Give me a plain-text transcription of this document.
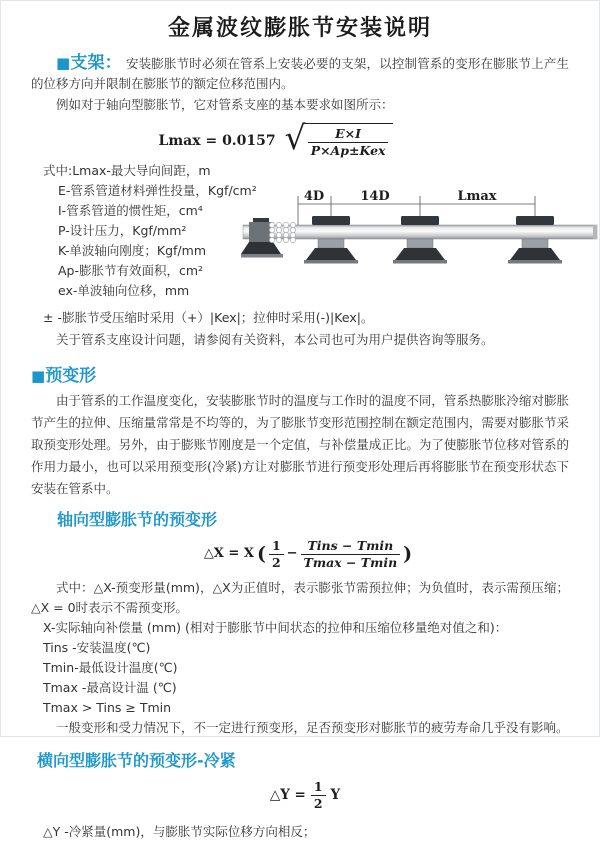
金属波纹膨胀节安装说明

■支架： 安装膨胀节时必须在管系上安装必要的支架，以控制管系的变形在膨胀节上产生的位移方向并限制在膨胀节的额定位移范围内。

例如对于轴向型膨胀节，它对管系支座的基本要求如图所示：

Lmax = 0.0157 √ $\frac{E\times I}{\text{P×Ap±Kex}}$
式中:Lmax-最大导向间距，m
E-管系管道材料弹性投量，Kgf/cm²
I-管系管道的惯性矩，cm⁴
P-设计压力，Kgf/mm²
K-单波轴向刚度；Kgf/mm
Ap-膨胀节有效面积，cm²
ex-单波轴向位移，mm
4D	14D	Lmax

± -膨胀节受压缩时采用（+）|Kex|；拉伸时采用(-)|Kex|。

关于管系支座设计问题，请参阅有关资料，本公司也可为用户提供咨询等服务。

■预变形

由于管系的工作温度变化，安装膨胀节时的温度与工作时的温度不同，管系热膨胀冷缩对膨胀节产生的拉伸、压缩量常常是不均等的，为了膨胀节变形范围控制在额定范围内，需要对膨胀节采取预变形处理。另外，由于膨账节刚度是一个定值，与补偿量成正比。为了使膨胀节位移对管系的作用力最小，也可以采用预变形(冷紧)方让对膨胀节进行预变形处理后再将膨胀节在预变形状态下安装在管系中。

轴向型膨胀节的预变形
△X = X ( $\frac{1}{2} - \frac{\text{Tins − Tmin}}{Tmax - Tmin}$ )

式中：△X-预变形量(mm)，△X为正值时，表示膨张节需预拉伸；为负值时，表示需预压缩；△X = 0时表示不需预变形。

X-实际轴向补偿量 (mm) (相对于膨胀节中间状态的拉伸和压缩位移量绝对值之和)：

Tins -安装温度(℃)
Tmin-最低设计温度(℃)
Tmax -最高设计温 (℃)
Tmax > Tins ≥ Tmin

一般变形和受力情况下，不一定进行预变形，足否预变形对膨胀节的疲劳寿命几乎没有影响。

横向型膨胀节的预变形-冷紧
△Y = $\frac{1}{2}$ Y

△Y -冷紧量(mm)，与膨胀节实际位移方向相反；
